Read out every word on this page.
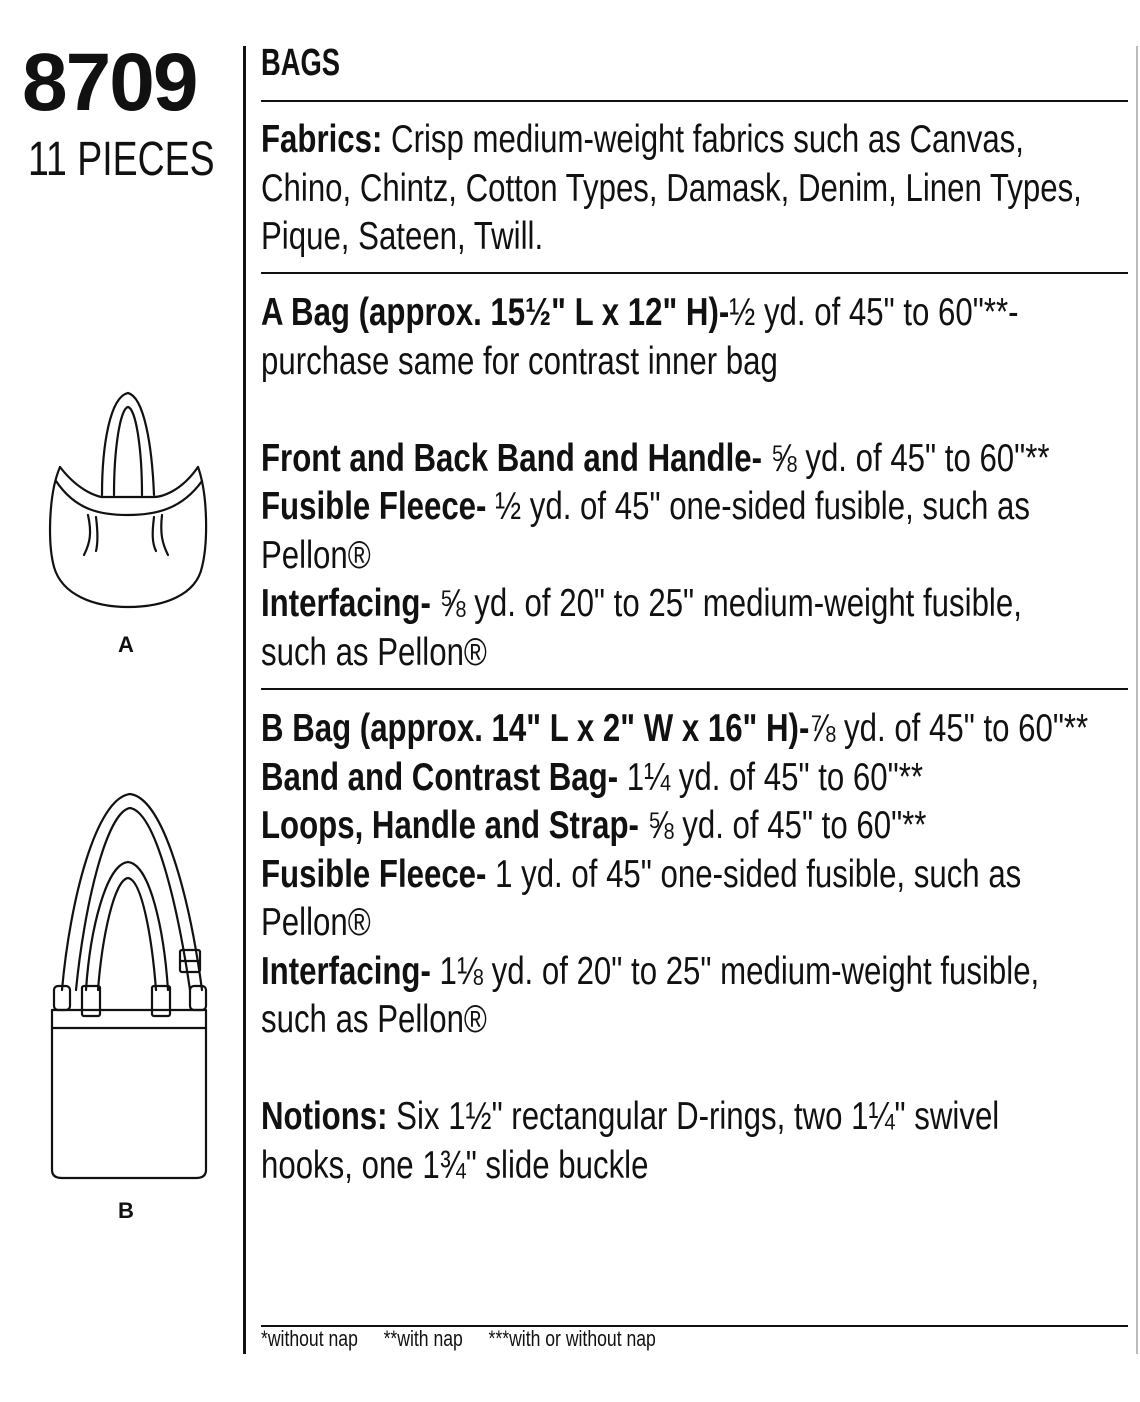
8709
11 PIECES
BAGS
Fabrics: Crisp medium-weight fabrics such as Canvas,
Chino, Chintz, Cotton Types, Damask, Denim, Linen Types,
Pique, Sateen, Twill.
A Bag (approx. 15½" L x 12" H)-½ yd. of 45" to 60"**-
purchase same for contrast inner bag
Front and Back Band and Handle- ⅝ yd. of 45" to 60"**
Fusible Fleece- ½ yd. of 45" one-sided fusible, such as
Pellon®
Interfacing- ⅝ yd. of 20" to 25" medium-weight fusible,
such as Pellon®
B Bag (approx. 14" L x 2" W x 16" H)-⅞ yd. of 45" to 60"**
Band and Contrast Bag- 1¼ yd. of 45" to 60"**
Loops, Handle and Strap- ⅝ yd. of 45" to 60"**
Fusible Fleece- 1 yd. of 45" one-sided fusible, such as
Pellon®
Interfacing- 1⅛ yd. of 20" to 25" medium-weight fusible,
such as Pellon®
Notions: Six 1½" rectangular D-rings, two 1¼" swivel
hooks, one 1¾" slide buckle
*without nap **with nap ***with or without nap
A
B
